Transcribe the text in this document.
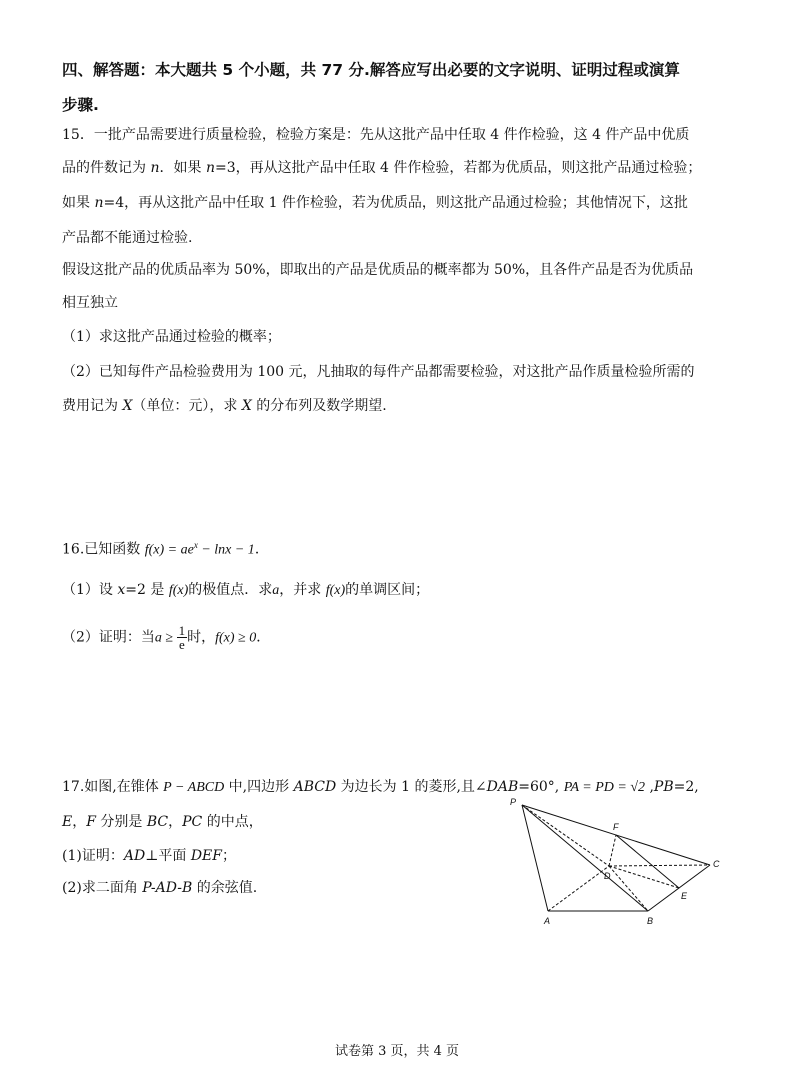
四、解答题：本大题共 5 个小题，共 77 分.解答应写出必要的文字说明、证明过程或演算
步骤.
15．一批产品需要进行质量检验，检验方案是：先从这批产品中任取 4 件作检验，这 4 件产品中优质
品的件数记为 n．如果 n=3，再从这批产品中任取 4 件作检验，若都为优质品，则这批产品通过检验；
如果 n=4，再从这批产品中任取 1 件作检验，若为优质品，则这批产品通过检验；其他情况下，这批
产品都不能通过检验.
假设这批产品的优质品率为 50%，即取出的产品是优质品的概率都为 50%，且各件产品是否为优质品
相互独立
（1）求这批产品通过检验的概率；
（2）已知每件产品检验费用为 100 元，凡抽取的每件产品都需要检验，对这批产品作质量检验所需的
费用记为 X（单位：元），求 X 的分布列及数学期望.
16.已知函数 $f(x) = ae^x - \ln x - 1$．
（1）设 x=2 是 f(x)的极值点．求a，并求 f(x)的单调区间；
（2）证明：当$a \ge \frac{1}{e}$ 时，f(x) ≥ 0．
17.如图,在锥体 P − ABCD 中,四边形 ABCD 为边长为 1 的菱形,且∠DAB=60°, PA = PD = √2 ,PB=2,
E，F 分别是 BC，PC 的中点，
(1)证明：AD⊥平面 DEF；
(2)求二面角 P-AD-B 的余弦值.
P
F
C
D
E
A	B
试卷第 3 页，共 4 页
